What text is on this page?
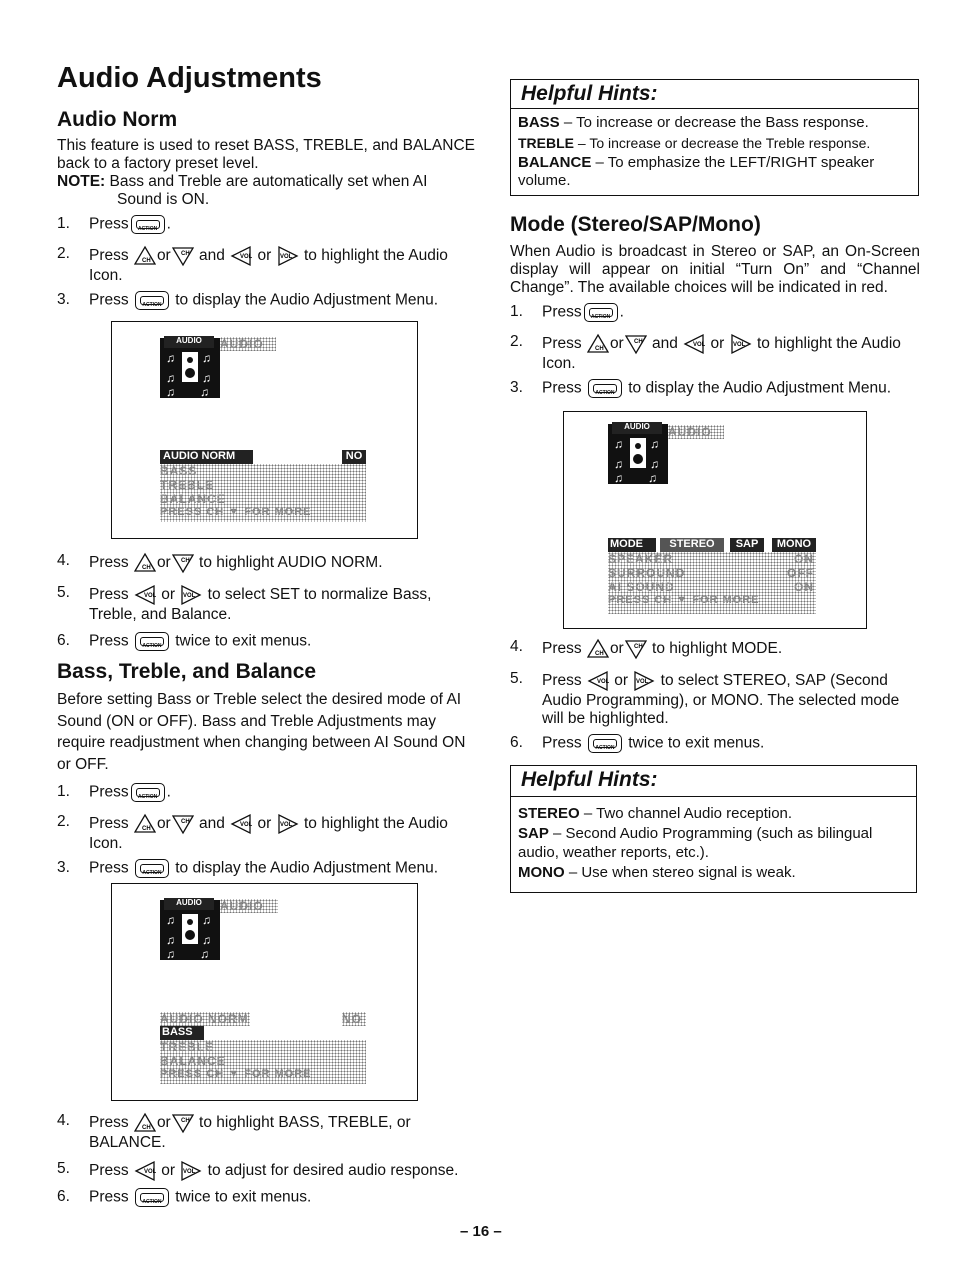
Audio Adjustments
Audio Norm

This feature is used to reset BASS, TREBLE, and BALANCE back to a factory preset level.

NOTE: Bass and Treble are automatically set when AI Sound is ON.

1. Press	ACTION .
2. Press or and or to highlight the Audio Icon.
3. Press	ACTION to display the Audio Adjustment Menu.
AUDIO	AUDIO
AUDIO NORM	NO
BASS
TREBLE
BALANCE
PRESS CH ▼ FOR MORE
4. Press or to highlight AUDIO NORM.
5. Press or to select SET to normalize Bass, Treble, and Balance.
6. Press	ACTION twice to exit menus.
Bass, Treble, and Balance

Before setting Bass or Treble select the desired mode of AI Sound (ON or OFF). Bass and Treble Adjustments may require readjustment when changing between AI Sound ON or OFF.

1. Press	ACTION .
2. Press or and or to highlight the Audio Icon.
3. Press	ACTION to display the Audio Adjustment Menu.
AUDIO	AUDIO
AUDIO NORM	NO
BASS
TREBLE
BALANCE
PRESS CH ▼ FOR MORE
4. Press or to highlight BASS, TREBLE, or BALANCE.
5. Press or to adjust for desired audio response.
6. Press	ACTION twice to exit menus.
Helpful Hints:

BASS – To increase or decrease the Bass response.

TREBLE – To increase or decrease the Treble response.

BALANCE – To emphasize the LEFT/RIGHT speaker volume.

Mode (Stereo/SAP/Mono)

When Audio is broadcast in Stereo or SAP, an On-Screen display will appear on initial “Turn On” and “Channel Change”. The available choices will be indicated in red.

1. Press	ACTION .
2. Press or and or to highlight the Audio Icon.
3. Press	ACTION to display the Audio Adjustment Menu.
AUDIO	AUDIO
MODE	STEREO	SAP	MONO
SPEAKER	ON
SURROUND	OFF
AI SOUND	ON
PRESS CH ▼ FOR MORE
4. Press or to highlight MODE.
5. Press or to select STEREO, SAP (Second Audio Programming), or MONO. The selected mode will be highlighted.
6. Press	ACTION twice to exit menus.
Helpful Hints:

STEREO – Two channel Audio reception.

SAP – Second Audio Programming (such as bilingual audio, weather reports, etc.).

MONO – Use when stereo signal is weak.

– 16 –
